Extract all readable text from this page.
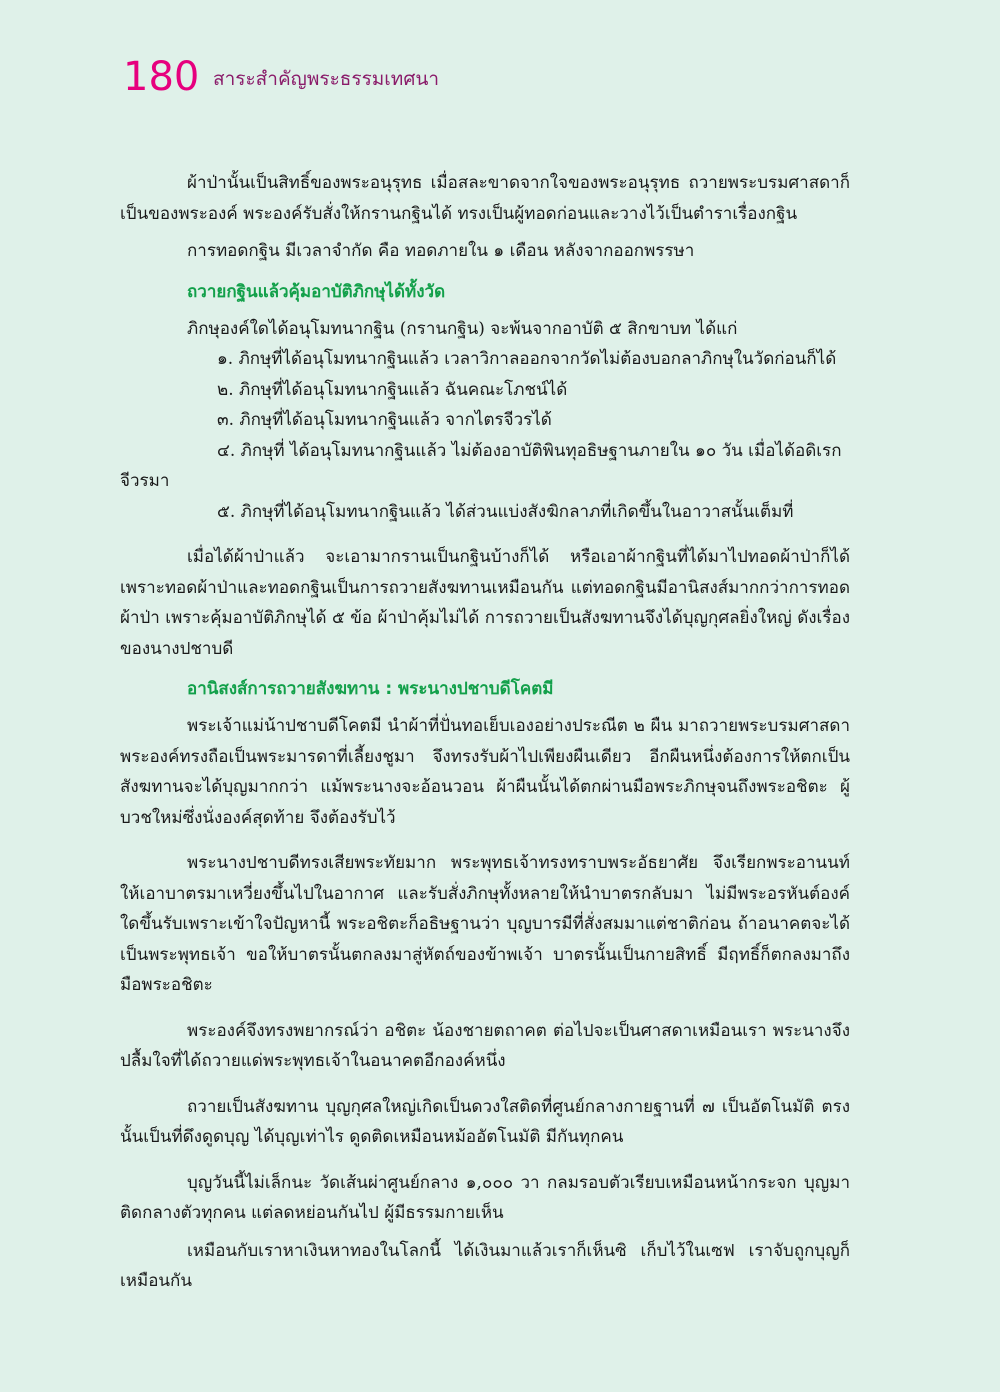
180 สาระสำคัญพระธรรมเทศนา

ผ้าป่านั้นเป็นสิทธิ์ของพระอนุรุทธ เมื่อสละขาดจากใจของพระอนุรุทธ ถวายพระบรมศาสดาก็เป็นของพระองค์ พระองค์รับสั่งให้กรานกฐินได้ ทรงเป็นผู้ทอดก่อนและวางไว้เป็นตำราเรื่องกฐิน

การทอดกฐิน มีเวลาจำกัด คือ ทอดภายใน ๑ เดือน หลังจากออกพรรษา

ถวายกฐินแล้วคุ้มอาบัติภิกษุได้ทั้งวัด

ภิกษุองค์ใดได้อนุโมทนากฐิน (กรานกฐิน) จะพ้นจากอาบัติ ๕ สิกขาบท ได้แก่

๑. ภิกษุที่ได้อนุโมทนากฐินแล้ว เวลาวิกาลออกจากวัดไม่ต้องบอกลาภิกษุในวัดก่อนก็ได้

๒. ภิกษุที่ได้อนุโมทนากฐินแล้ว ฉันคณะโภชน์ได้

๓. ภิกษุที่ได้อนุโมทนากฐินแล้ว จากไตรจีวรได้

๔. ภิกษุที่ ได้อนุโมทนากฐินแล้ว ไม่ต้องอาบัติพินทุอธิษฐานภายใน ๑๐ วัน เมื่อได้อดิเรก

จีวรมา

๕. ภิกษุที่ได้อนุโมทนากฐินแล้ว ได้ส่วนแบ่งสังฆิกลาภที่เกิดขึ้นในอาวาสนั้นเต็มที่

เมื่อได้ผ้าป่าแล้ว จะเอามากรานเป็นกฐินบ้างก็ได้ หรือเอาผ้ากฐินที่ได้มาไปทอดผ้าป่าก็ได้ เพราะทอดผ้าป่าและทอดกฐินเป็นการถวายสังฆทานเหมือนกัน แต่ทอดกฐินมีอานิสงส์มากกว่าการทอดผ้าป่า เพราะคุ้มอาบัติภิกษุได้ ๕ ข้อ ผ้าป่าคุ้มไม่ได้ การถวายเป็นสังฆทานจึงได้บุญกุศลยิ่งใหญ่ ดังเรื่องของนางปชาบดี

อานิสงส์การถวายสังฆทาน : พระนางปชาบดีโคตมี

พระเจ้าแม่น้าปชาบดีโคตมี นำผ้าที่ปั่นทอเย็บเองอย่างประณีต ๒ ผืน มาถวายพระบรมศาสดา พระองค์ทรงถือเป็นพระมารดาที่เลี้ยงชูมา จึงทรงรับผ้าไปเพียงผืนเดียว อีกผืนหนึ่งต้องการให้ตกเป็นสังฆทานจะได้บุญมากกว่า แม้พระนางจะอ้อนวอน ผ้าผืนนั้นได้ตกผ่านมือพระภิกษุจนถึงพระอชิตะ ผู้บวชใหม่ซึ่งนั่งองค์สุดท้าย จึงต้องรับไว้

พระนางปชาบดีทรงเสียพระทัยมาก พระพุทธเจ้าทรงทราบพระอัธยาศัย จึงเรียกพระอานนท์ให้เอาบาตรมาเหวี่ยงขึ้นไปในอากาศ และรับสั่งภิกษุทั้งหลายให้นำบาตรกลับมา ไม่มีพระอรหันต์องค์ใดขึ้นรับเพราะเข้าใจปัญหานี้ พระอชิตะก็อธิษฐานว่า บุญบารมีที่สั่งสมมาแต่ชาติก่อน ถ้าอนาคตจะได้เป็นพระพุทธเจ้า ขอให้บาตรนั้นตกลงมาสู่หัตถ์ของข้าพเจ้า บาตรนั้นเป็นกายสิทธิ์ มีฤทธิ์ก็ตกลงมาถึงมือพระอชิตะ

พระองค์จึงทรงพยากรณ์ว่า อชิตะ น้องชายตถาคต ต่อไปจะเป็นศาสดาเหมือนเรา พระนางจึงปลื้มใจที่ได้ถวายแด่พระพุทธเจ้าในอนาคตอีกองค์หนึ่ง

ถวายเป็นสังฆทาน บุญกุศลใหญ่เกิดเป็นดวงใสติดที่ศูนย์กลางกายฐานที่ ๗ เป็นอัตโนมัติ ตรงนั้นเป็นที่ดึงดูดบุญ ได้บุญเท่าไร ดูดติดเหมือนหม้ออัตโนมัติ มีกันทุกคน

บุญวันนี้ไม่เล็กนะ วัดเส้นผ่าศูนย์กลาง ๑,๐๐๐ วา กลมรอบตัวเรียบเหมือนหน้ากระจก บุญมาติดกลางตัวทุกคน แต่ลดหย่อนกันไป ผู้มีธรรมกายเห็น

เหมือนกับเราหาเงินหาทองในโลกนี้ ได้เงินมาแล้วเราก็เห็นซิ เก็บไว้ในเซฟ เราจับถูกบุญก็เหมือนกัน
